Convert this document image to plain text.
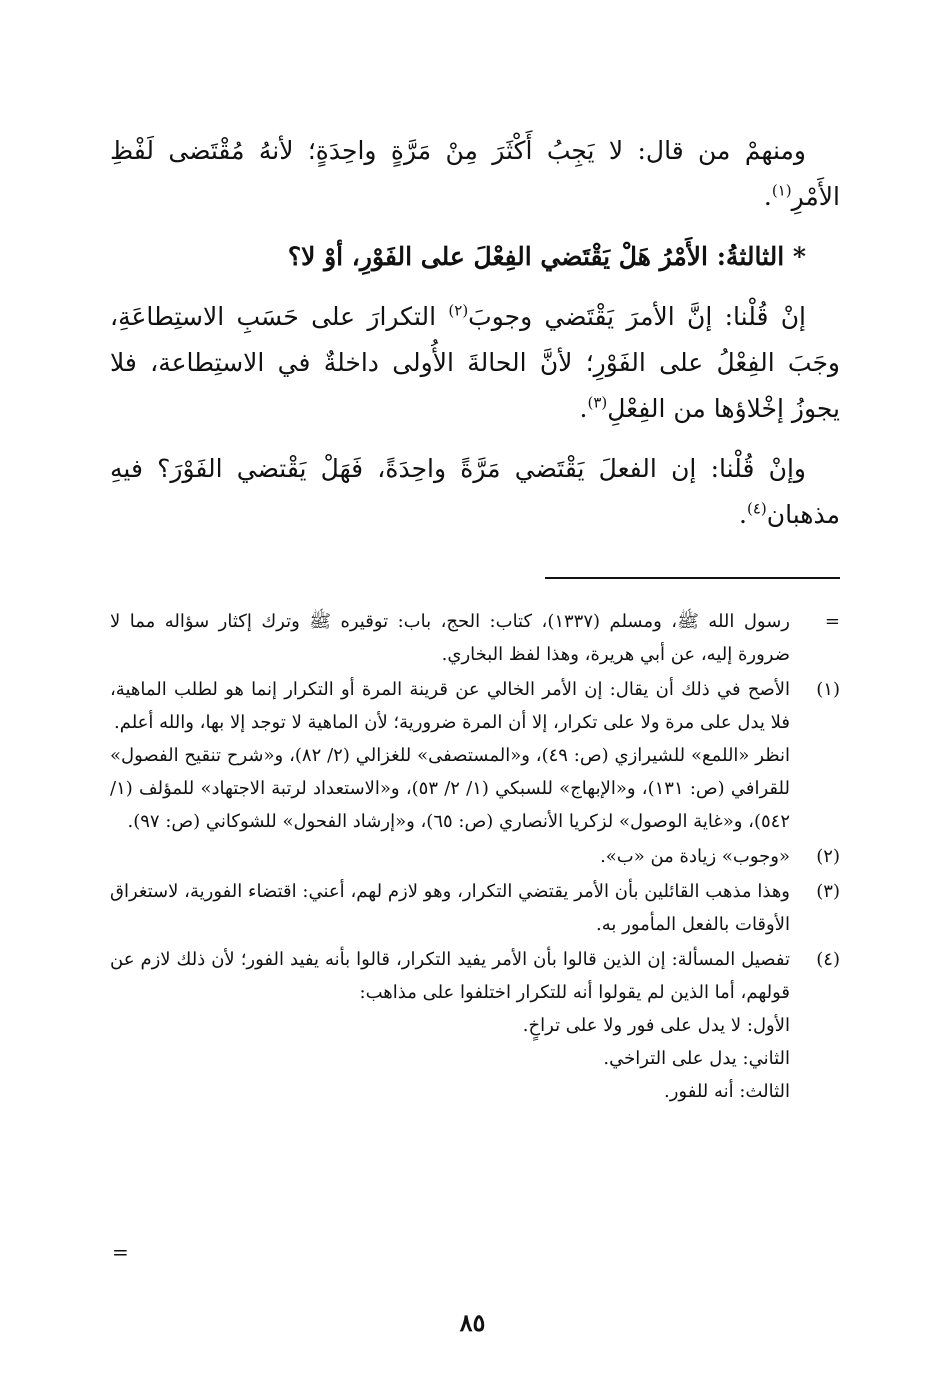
ومنهمْ من قال: لا يَجِبُ أَكْثَرَ مِنْ مَرَّةٍ واحِدَةٍ؛ لأنهُ مُقْتَضى لَفْظِ الأَمْرِ$^{(١)}$.

* الثالثةُ: الأَمْرُ هَلْ يَقْتَضي الفِعْلَ على الفَوْرِ، أوْ لا؟

إنْ قُلْنا: إنَّ الأمرَ يَقْتَضي وجوبَ$^{(٢)}$ التكرارَ على حَسَبِ الاستِطاعَةِ، وجَبَ الفِعْلُ على الفَوْرِ؛ لأنَّ الحالةَ الأُولى داخلةٌ في الاستِطاعة، فلا يجوزُ إخْلاؤها من الفِعْلِ$^{(٣)}$.

وإنْ قُلْنا: إن الفعلَ يَقْتَضي مَرَّةً واحِدَةً، فَهَلْ يَقْتضي الفَوْرَ؟ فيهِ مذهبان$^{(٤)}$.

=
رسول الله ﷺ، ومسلم (١٣٣٧)، كتاب: الحج، باب: توقيره ﷺ وترك إكثار سؤاله مما لا ضرورة إليه، عن أبي هريرة، وهذا لفظ البخاري.
(١)
الأصح في ذلك أن يقال: إن الأمر الخالي عن قرينة المرة أو التكرار إنما هو لطلب الماهية، فلا يدل على مرة ولا على تكرار، إلا أن المرة ضرورية؛ لأن الماهية لا توجد إلا بها، والله أعلم.
انظر «اللمع» للشيرازي (ص: ٤٩)، و«المستصفى» للغزالي (٢/ ٨٢)، و«شرح تنقيح الفصول» للقرافي (ص: ١٣١)، و«الإبهاج» للسبكي (١/ ٢/ ٥٣)، و«الاستعداد لرتبة الاجتهاد» للمؤلف (١/ ٥٤٢)، و«غاية الوصول» لزكريا الأنصاري (ص: ٦٥)، و«إرشاد الفحول» للشوكاني (ص: ٩٧).
(٢)
«وجوب» زيادة من «ب».
(٣)
وهذا مذهب القائلين بأن الأمر يقتضي التكرار، وهو لازم لهم، أعني: اقتضاء الفورية، لاستغراق الأوقات بالفعل المأمور به.
(٤)
تفصيل المسألة: إن الذين قالوا بأن الأمر يفيد التكرار، قالوا بأنه يفيد الفور؛ لأن ذلك لازم عن قولهم، أما الذين لم يقولوا أنه للتكرار اختلفوا على مذاهب:
الأول: لا يدل على فور ولا على تراخٍ.
الثاني: يدل على التراخي.
الثالث: أنه للفور.
=
٨٥
